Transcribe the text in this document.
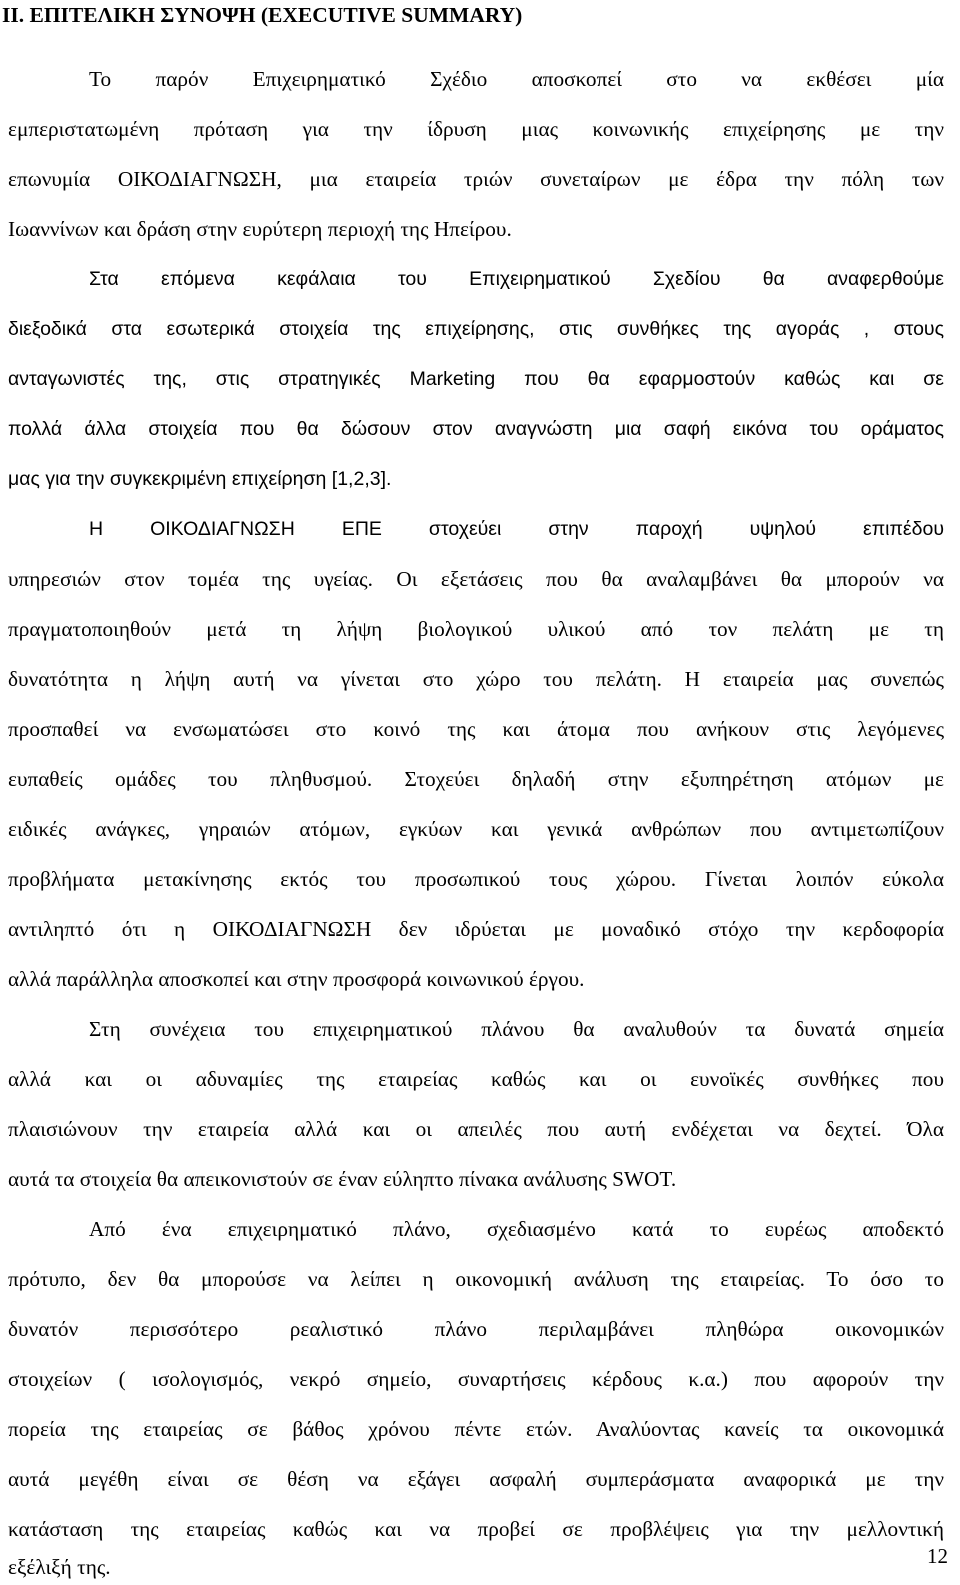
II. ΕΠΙΤΕΛΙΚΗ ΣΥΝΟΨΗ (EXECUTIVE SUMMARY)
Το παρόν Επιχειρηματικό Σχέδιο αποσκοπεί στο να εκθέσει μία
εμπεριστατωμένη πρόταση για την ίδρυση μιας κοινωνικής επιχείρησης με την
επωνυμία ΟΙΚΟΔΙΑΓΝΩΣΗ, μια εταιρεία τριών συνεταίρων με έδρα την πόλη των
Ιωαννίνων και δράση στην ευρύτερη περιοχή της Ηπείρου.
Στα επόμενα κεφάλαια του Επιχειρηματικού Σχεδίου θα αναφερθούμε
διεξοδικά στα εσωτερικά στοιχεία της επιχείρησης, στις συνθήκες της αγοράς , στους
ανταγωνιστές της, στις στρατηγικές Marketing που θα εφαρμοστούν καθώς και σε
πολλά άλλα στοιχεία που θα δώσουν στον αναγνώστη μια σαφή εικόνα του οράματος
μας για την συγκεκριμένη επιχείρηση [1,2,3].
Η ΟΙΚΟΔΙΑΓΝΩΣΗ ΕΠΕ στοχεύει στην παροχή υψηλού επιπέδου
υπηρεσιών στον τομέα της υγείας. Οι εξετάσεις που θα αναλαμβάνει θα μπορούν να
πραγματοποιηθούν μετά τη λήψη βιολογικού υλικού από τον πελάτη με τη
δυνατότητα η λήψη αυτή να γίνεται στο χώρο του πελάτη. Η εταιρεία μας συνεπώς
προσπαθεί να ενσωματώσει στο κοινό της και άτομα που ανήκουν στις λεγόμενες
ευπαθείς ομάδες του πληθυσμού. Στοχεύει δηλαδή στην εξυπηρέτηση ατόμων με
ειδικές ανάγκες, γηραιών ατόμων, εγκύων και γενικά ανθρώπων που αντιμετωπίζουν
προβλήματα μετακίνησης εκτός του προσωπικού τους χώρου. Γίνεται λοιπόν εύκολα
αντιληπτό ότι η ΟΙΚΟΔΙΑΓΝΩΣΗ δεν ιδρύεται με μοναδικό στόχο την κερδοφορία
αλλά παράλληλα αποσκοπεί και στην προσφορά κοινωνικού έργου.
Στη συνέχεια του επιχειρηματικού πλάνου θα αναλυθούν τα δυνατά σημεία
αλλά και οι αδυναμίες της εταιρείας καθώς και οι ευνοϊκές συνθήκες που
πλαισιώνουν την εταιρεία αλλά και οι απειλές που αυτή ενδέχεται να δεχτεί. Όλα
αυτά τα στοιχεία θα απεικονιστούν σε έναν εύληπτο πίνακα ανάλυσης SWOT.
Από ένα επιχειρηματικό πλάνο, σχεδιασμένο κατά το ευρέως αποδεκτό
πρότυπο, δεν θα μπορούσε να λείπει η οικονομική ανάλυση της εταιρείας. Το όσο το
δυνατόν περισσότερο ρεαλιστικό πλάνο περιλαμβάνει πληθώρα οικονομικών
στοιχείων ( ισολογισμός, νεκρό σημείο, συναρτήσεις κέρδους κ.α.) που αφορούν την
πορεία της εταιρείας σε βάθος χρόνου πέντε ετών. Αναλύοντας κανείς τα οικονομικά
αυτά μεγέθη είναι σε θέση να εξάγει ασφαλή συμπεράσματα αναφορικά με την
κατάσταση της εταιρείας καθώς και να προβεί σε προβλέψεις για την μελλοντική
εξέλιξή της.	12
